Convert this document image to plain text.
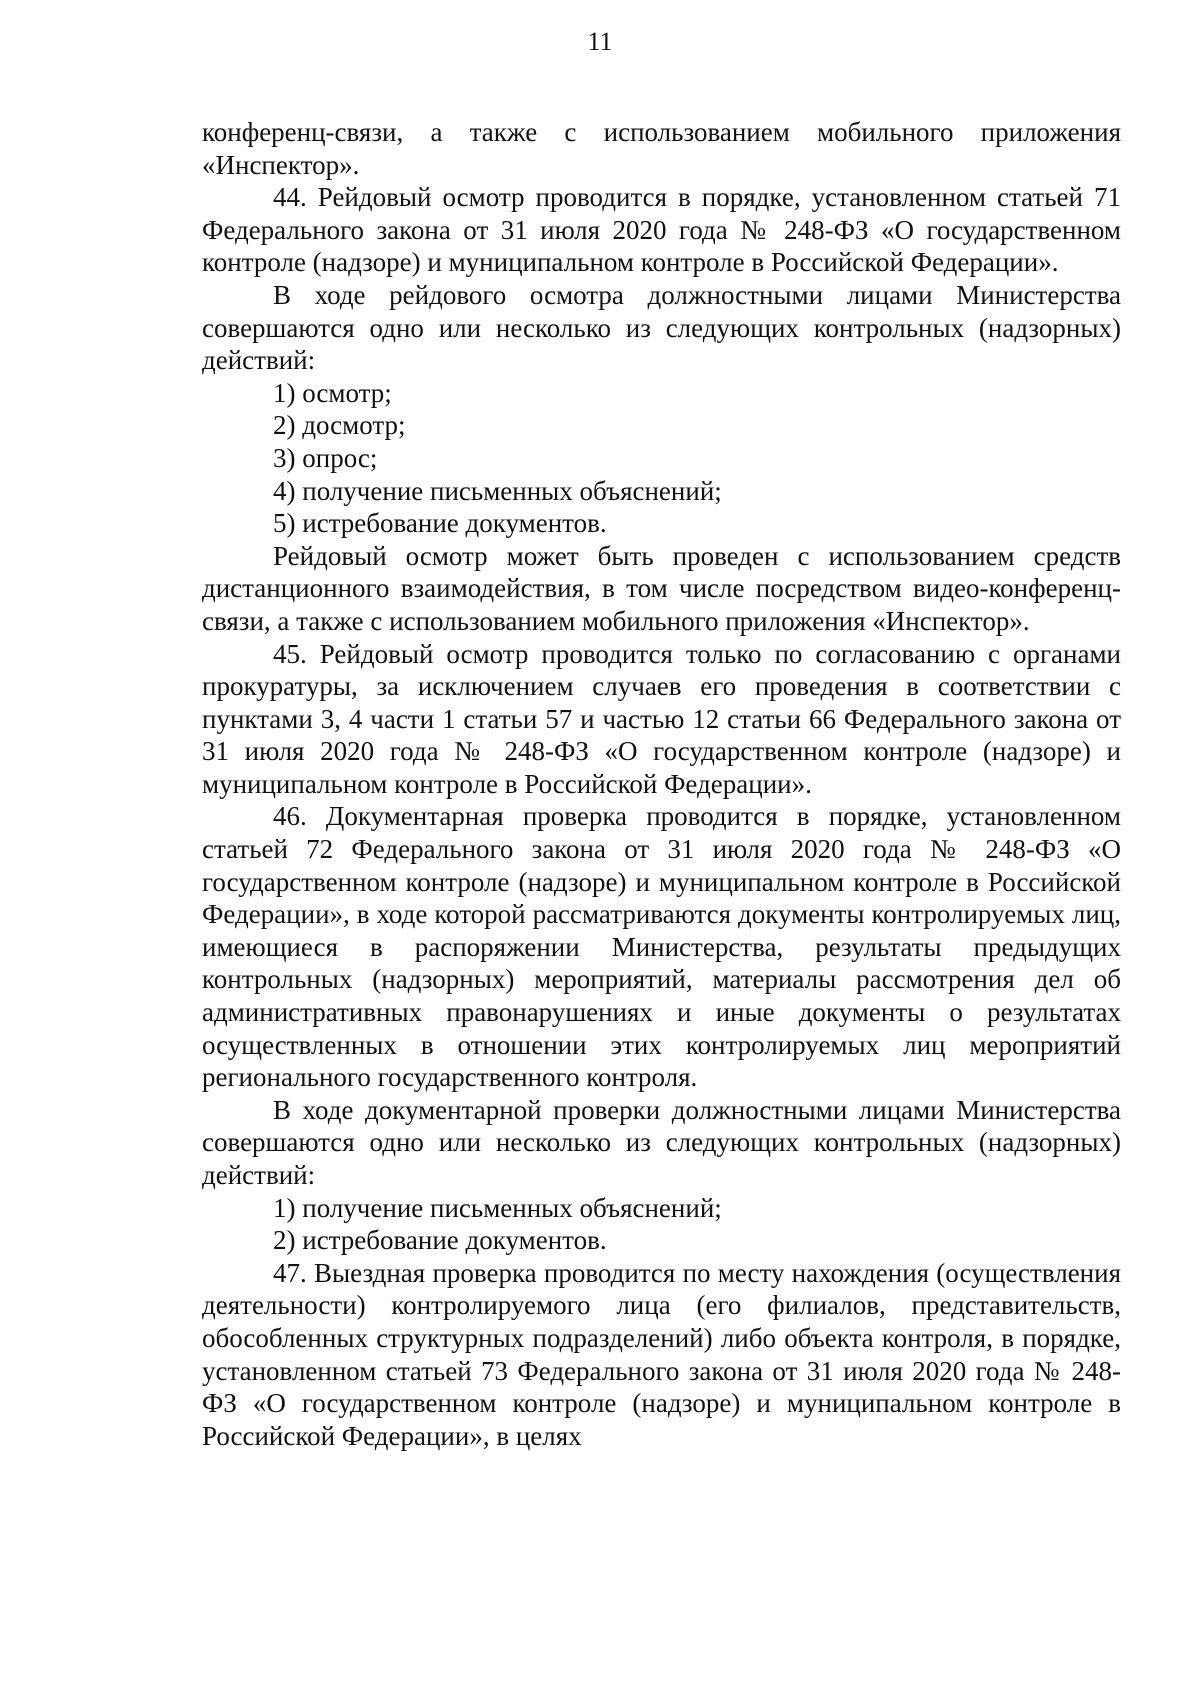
11

конференц-связи, а также с использованием мобильного приложения «Инспектор».

44. Рейдовый осмотр проводится в порядке, установленном статьей 71 Федерального закона от 31 июля 2020 года № 248-ФЗ «О государственном контроле (надзоре) и муниципальном контроле в Российской Федерации».

В ходе рейдового осмотра должностными лицами Министерства совершаются одно или несколько из следующих контрольных (надзорных) действий:

1) осмотр;

2) досмотр;

3) опрос;

4) получение письменных объяснений;

5) истребование документов.

Рейдовый осмотр может быть проведен с использованием средств дистанционного взаимодействия, в том числе посредством видео-конференц-связи, а также с использованием мобильного приложения «Инспектор».

45. Рейдовый осмотр проводится только по согласованию с органами прокуратуры, за исключением случаев его проведения в соответствии с пунктами 3, 4 части 1 статьи 57 и частью 12 статьи 66 Федерального закона от 31 июля 2020 года № 248-ФЗ «О государственном контроле (надзоре) и муниципальном контроле в Российской Федерации».

46. Документарная проверка проводится в порядке, установленном статьей 72 Федерального закона от 31 июля 2020 года № 248-ФЗ «О государственном контроле (надзоре) и муниципальном контроле в Российской Федерации», в ходе которой рассматриваются документы контролируемых лиц, имеющиеся в распоряжении Министерства, результаты предыдущих контрольных (надзорных) мероприятий, материалы рассмотрения дел об административных правонарушениях и иные документы о результатах осуществленных в отношении этих контролируемых лиц мероприятий регионального государственного контроля.

В ходе документарной проверки должностными лицами Министерства совершаются одно или несколько из следующих контрольных (надзорных) действий:

1) получение письменных объяснений;

2) истребование документов.

47. Выездная проверка проводится по месту нахождения (осуществления деятельности) контролируемого лица (его филиалов, представительств, обособленных структурных подразделений) либо объекта контроля, в порядке, установленном статьей 73 Федерального закона от 31 июля 2020 года № 248-ФЗ «О государственном контроле (надзоре) и муниципальном контроле в Российской Федерации», в целях
